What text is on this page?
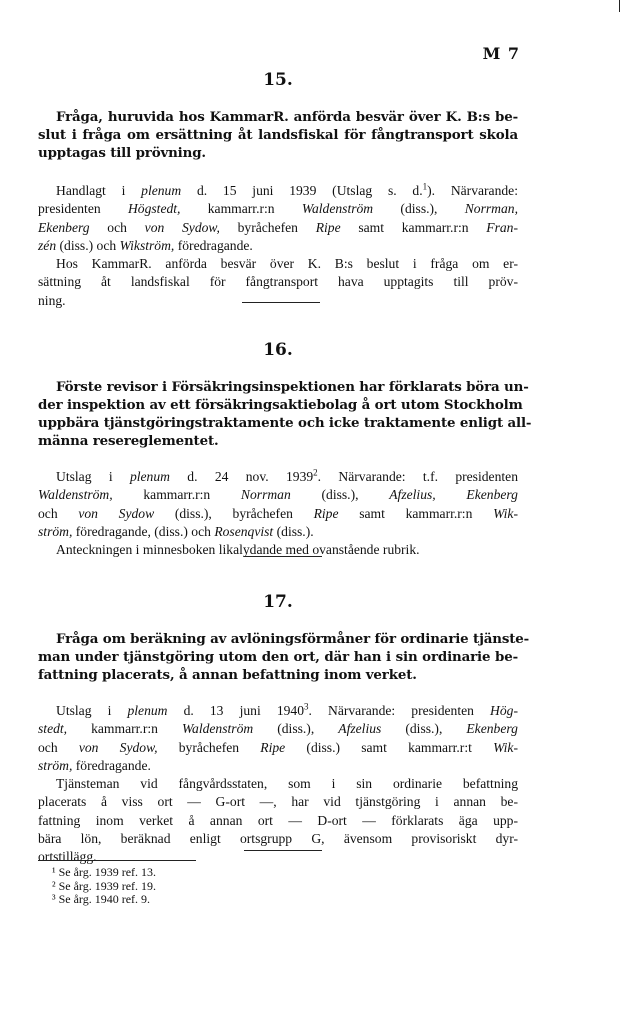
M 7

15.

Fråga, huruvida hos KammarR. anförda besvär över K. B:s be-
slut i fråga om ersättning åt landsfiskal för fångtransport skola
upptagas till prövning.

Handlagt i plenum d. 15 juni 1939 (Utslag s. d.$^1$). Närvarande:
presidenten Högstedt, kammarr.r:n Waldenström (diss.), Norrman,
Ekenberg och von Sydow, byråchefen Ripe samt kammarr.r:n Fran-
zén (diss.) och Wikström, föredragande.
Hos KammarR. anförda besvär över K. B:s beslut i fråga om er-
sättning åt landsfiskal för fångtransport hava upptagits till pröv-
ning.

16.

Förste revisor i Försäkringsinspektionen har förklarats böra un-
der inspektion av ett försäkringsaktiebolag å ort utom Stockholm
uppbära tjänstgöringstraktamente och icke traktamente enligt all-
männa resereglementet.

Utslag i plenum d. 24 nov. 1939$^2$. Närvarande: t.f. presidenten
Waldenström, kammarr.r:n Norrman (diss.), Afzelius, Ekenberg
och von Sydow (diss.), byråchefen Ripe samt kammarr.r:n Wik-
ström, föredragande, (diss.) och Rosenqvist (diss.).
Anteckningen i minnesboken likalydande med ovanstående rubrik.

17.

Fråga om beräkning av avlöningsförmåner för ordinarie tjänste-
man under tjänstgöring utom den ort, där han i sin ordinarie be-
fattning placerats, å annan befattning inom verket.

Utslag i plenum d. 13 juni 1940$^3$. Närvarande: presidenten Hög-
stedt, kammarr.r:n Waldenström (diss.), Afzelius (diss.), Ekenberg
och von Sydow, byråchefen Ripe (diss.) samt kammarr.r:t Wik-
ström, föredragande.
Tjänsteman vid fångvårdsstaten, som i sin ordinarie befattning
placerats å viss ort — G-ort —, har vid tjänstgöring i annan be-
fattning inom verket å annan ort — D-ort — förklarats äga upp-
bära lön, beräknad enligt ortsgrupp G, ävensom provisoriskt dyr-
ortstillägg.
¹ Se årg. 1939 ref. 13.
² Se årg. 1939 ref. 19.
³ Se årg. 1940 ref. 9.
